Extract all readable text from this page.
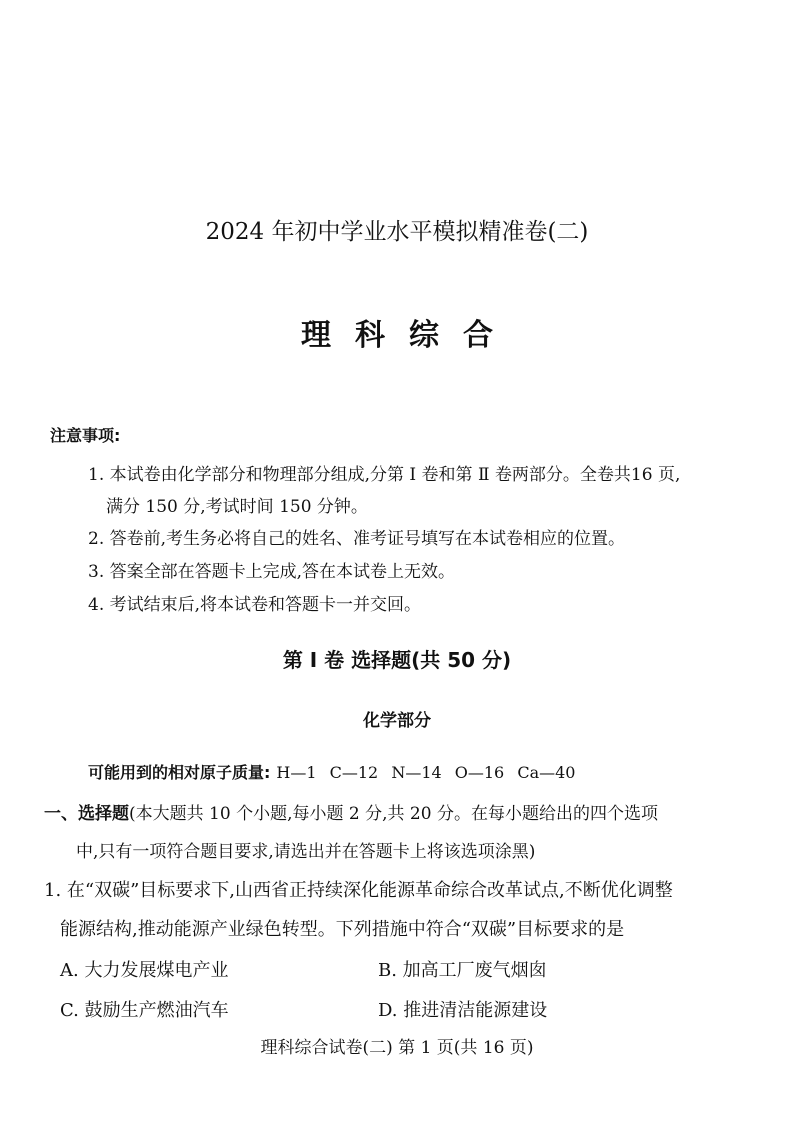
2024 年初中学业水平模拟精准卷(二)
理科综合
注意事项:
1. 本试卷由化学部分和物理部分组成,分第 Ⅰ 卷和第 Ⅱ 卷两部分。全卷共16 页,
满分 150 分,考试时间 150 分钟。
2. 答卷前,考生务必将自己的姓名、准考证号填写在本试卷相应的位置。
3. 答案全部在答题卡上完成,答在本试卷上无效。
4. 考试结束后,将本试卷和答题卡一并交回。
第 Ⅰ 卷 选择题(共 50 分)
化学部分
可能用到的相对原子质量: H—1 C—12 N—14 O—16 Ca—40
一、选择题(本大题共 10 个小题,每小题 2 分,共 20 分。在每小题给出的四个选项
中,只有一项符合题目要求,请选出并在答题卡上将该选项涂黑)
1. 在“双碳”目标要求下,山西省正持续深化能源革命综合改革试点,不断优化调整
能源结构,推动能源产业绿色转型。下列措施中符合“双碳”目标要求的是
A. 大力发展煤电产业	B. 加高工厂废气烟囱
C. 鼓励生产燃油汽车	D. 推进清洁能源建设
理科综合试卷(二) 第 1 页(共 16 页)
